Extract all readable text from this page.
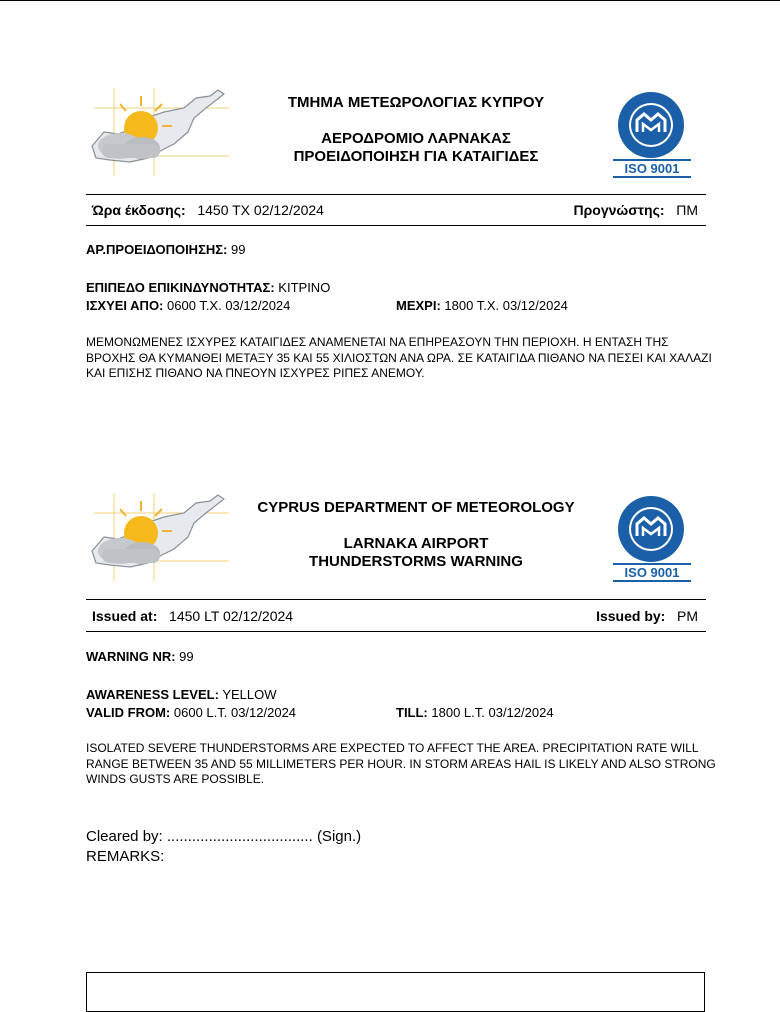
ΤΜΗΜΑ ΜΕΤΕΩΡΟΛΟΓΙΑΣ ΚΥΠΡΟΥ
ΑΕΡΟΔΡΟΜΙΟ ΛΑΡΝΑΚΑΣ
ΠΡΟΕΙΔΟΠΟΙΗΣΗ ΓΙΑ ΚΑΤΑΙΓΙΔΕΣ
ISO 9001
Ώρα έκδοσης: 1450 ΤΧ 02/12/2024	Προγνώστης: ΠΜ
ΑΡ.ΠΡΟΕΙΔΟΠΟΙΗΣΗΣ: 99
ΕΠΙΠΕΔΟ ΕΠΙΚΙΝΔΥΝΟΤΗΤΑΣ: ΚΙΤΡΙΝΟ
ΙΣΧΥΕΙ ΑΠΟ: 0600 Τ.Χ. 03/12/2024	ΜΕΧΡΙ: 1800 Τ.Χ. 03/12/2024
ΜΕΜΟΝΩΜΕΝΕΣ ΙΣΧΥΡΕΣ ΚΑΤΑΙΓΙΔΕΣ ΑΝΑΜΕΝΕΤΑΙ ΝΑ ΕΠΗΡΕΑΣΟΥΝ ΤΗΝ ΠΕΡΙΟΧΗ. Η ΕΝΤΑΣΗ ΤΗΣ ΒΡΟΧΗΣ ΘΑ ΚΥΜΑΝΘΕΙ ΜΕΤΑΞΥ 35 ΚΑΙ 55 ΧΙΛΙΟΣΤΩΝ ΑΝΑ ΩΡΑ. ΣΕ ΚΑΤΑΙΓΙΔΑ ΠΙΘΑΝΟ ΝΑ ΠΕΣΕΙ ΚΑΙ ΧΑΛΑΖΙ ΚΑΙ ΕΠΙΣΗΣ ΠΙΘΑΝΟ ΝΑ ΠΝΕΟΥΝ ΙΣΧΥΡΕΣ ΡΙΠΕΣ ΑΝΕΜΟΥ.
CYPRUS DEPARTMENT OF METEOROLOGY
LARNAKA AIRPORT
THUNDERSTORMS WARNING
ISO 9001
Issued at: 1450 LT 02/12/2024	Issued by: PM
WARNING NR: 99
AWARENESS LEVEL: YELLOW
VALID FROM: 0600 L.T. 03/12/2024	TILL: 1800 L.T. 03/12/2024
ISOLATED SEVERE THUNDERSTORMS ARE EXPECTED TO AFFECT THE AREA. PRECIPITATION RATE WILL RANGE BETWEEN 35 AND 55 MILLIMETERS PER HOUR. IN STORM AREAS HAIL IS LIKELY AND ALSO STRONG WINDS GUSTS ARE POSSIBLE.
Cleared by: ................................... (Sign.)
REMARKS:
